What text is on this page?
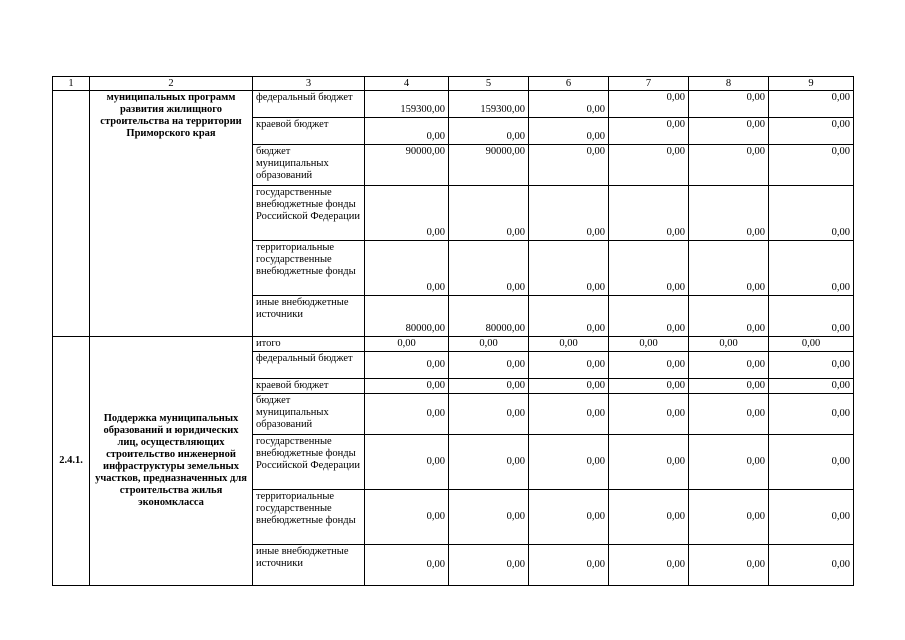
1	2	3	4	5	6	7	8	9
	муниципальных программ развития жилищного строительства на территории Приморского края	федеральный бюджет	159300,00	159300,00	0,00	0,00	0,00	0,00
		краевой бюджет	0,00	0,00	0,00	0,00	0,00	0,00
		бюджет муниципальных образований	90000,00	90000,00	0,00	0,00	0,00	0,00
		государственные внебюджетные фонды Российской Федерации	0,00	0,00	0,00	0,00	0,00	0,00
		территориальные государственные внебюджетные фонды	0,00	0,00	0,00	0,00	0,00	0,00
		иные внебюджетные источники	80000,00	80000,00	0,00	0,00	0,00	0,00
2.4.1.	Поддержка муниципальных образований и юридических лиц, осуществляющих строительство инженерной инфраструктуры земельных участков, предназначенных для строительства жилья экономкласса	итого	0,00	0,00	0,00	0,00	0,00	0,00
		федеральный бюджет	0,00	0,00	0,00	0,00	0,00	0,00
		краевой бюджет	0,00	0,00	0,00	0,00	0,00	0,00
		бюджет муниципальных образований	0,00	0,00	0,00	0,00	0,00	0,00
		государственные внебюджетные фонды Российской Федерации	0,00	0,00	0,00	0,00	0,00	0,00
		территориальные государственные внебюджетные фонды	0,00	0,00	0,00	0,00	0,00	0,00
		иные внебюджетные источники	0,00	0,00	0,00	0,00	0,00	0,00
